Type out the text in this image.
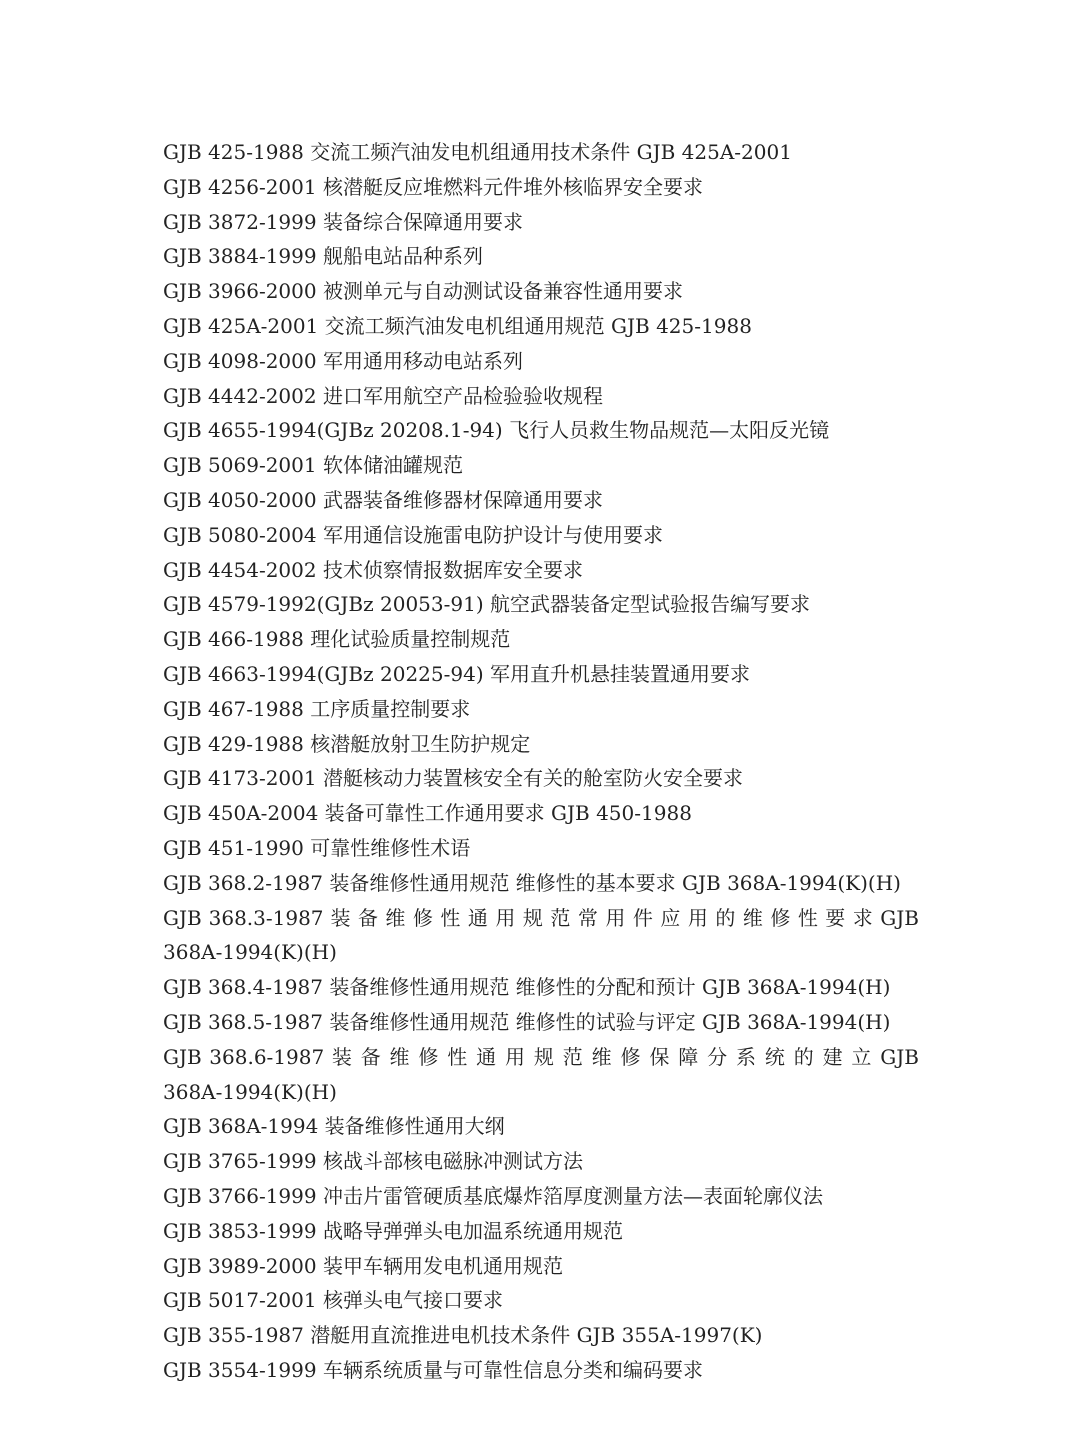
GJB 425-1988 交流工频汽油发电机组通用技术条件 GJB 425A-2001
GJB 4256-2001 核潜艇反应堆燃料元件堆外核临界安全要求
GJB 3872-1999 装备综合保障通用要求
GJB 3884-1999 舰船电站品种系列
GJB 3966-2000 被测单元与自动测试设备兼容性通用要求
GJB 425A-2001 交流工频汽油发电机组通用规范 GJB 425-1988
GJB 4098-2000 军用通用移动电站系列
GJB 4442-2002 进口军用航空产品检验验收规程
GJB 4655-1994(GJBz 20208.1-94) 飞行人员救生物品规范—太阳反光镜
GJB 5069-2001 软体储油罐规范
GJB 4050-2000 武器装备维修器材保障通用要求
GJB 5080-2004 军用通信设施雷电防护设计与使用要求
GJB 4454-2002 技术侦察情报数据库安全要求
GJB 4579-1992(GJBz 20053-91) 航空武器装备定型试验报告编写要求
GJB 466-1988 理化试验质量控制规范
GJB 4663-1994(GJBz 20225-94) 军用直升机悬挂装置通用要求
GJB 467-1988 工序质量控制要求
GJB 429-1988 核潜艇放射卫生防护规定
GJB 4173-2001 潜艇核动力装置核安全有关的舱室防火安全要求
GJB 450A-2004 装备可靠性工作通用要求 GJB 450-1988
GJB 451-1990 可靠性维修性术语
GJB 368.2-1987 装备维修性通用规范 维修性的基本要求 GJB 368A-1994(K)(H)
GJB 368.3-1987 装 备 维 修 性 通 用 规 范 常 用 件 应 用 的 维 修 性 要 求 GJB
368A-1994(K)(H)
GJB 368.4-1987 装备维修性通用规范 维修性的分配和预计 GJB 368A-1994(H)
GJB 368.5-1987 装备维修性通用规范 维修性的试验与评定 GJB 368A-1994(H)
GJB 368.6-1987 装 备 维 修 性 通 用 规 范 维 修 保 障 分 系 统 的 建 立 GJB
368A-1994(K)(H)
GJB 368A-1994 装备维修性通用大纲
GJB 3765-1999 核战斗部核电磁脉冲测试方法
GJB 3766-1999 冲击片雷管硬质基底爆炸箔厚度测量方法—表面轮廓仪法
GJB 3853-1999 战略导弹弹头电加温系统通用规范
GJB 3989-2000 装甲车辆用发电机通用规范
GJB 5017-2001 核弹头电气接口要求
GJB 355-1987 潜艇用直流推进电机技术条件 GJB 355A-1997(K)
GJB 3554-1999 车辆系统质量与可靠性信息分类和编码要求
